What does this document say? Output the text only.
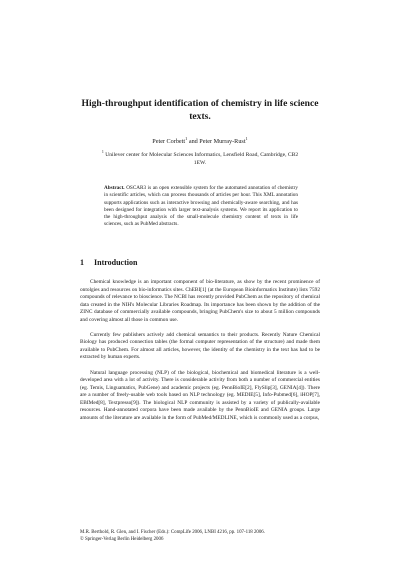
High-throughput identification of chemistry in life science texts.
Peter Corbett$^1$ and Peter Murray-Rust$^1$
$^1$ Unilever center for Molecular Sciences Informatics, Lensfield Road, Cambridge, CB2 1EW.
Abstract. OSCAR3 is an open extensible system for the automated annotation of chemistry in scientific articles, which can process thousands of articles per hour. This XML annotation supports applications such as interactive browsing and chemically-aware searching, and has been designed for integration with larger text-analysis systems. We report its application to the high-throughput analysis of the small-molecule chemistry content of texts in life sciences, such as PubMed abstracts.
1 Introduction

Chemical knowledge is an important component of bio-literature, as show by the recent prominence of ontolgies and resources on bio-informatics sites. ChEBI[1] (at the European Bioinformatics Institute) lists 7592 compounds of relevance to bioscience. The NCBI has recently provided PubChem as the repository of chemical data created in the NIH's Molecular Libraries Roadmap. Its importance has been shown by the addition of the ZINC database of commercially available compounds, bringing PubChem's size to about 5 million compounds and covering almost all those in common use.

Currently few publishers actively add chemical semantics to their products. Recently Nature Chemical Biology has produced connection tables (the formal computer representation of the structure) and made them available to PubChem. For almost all articles, however, the identity of the chemistry in the text has had to be extracted by human experts.

Natural language processing (NLP) of the biological, biochemical and biomedical literature is a well-developed area with a lot of activity. There is considerable activity from both a number of commercial entities (eg. Temis, Linguamatics, PubGene) and academic projects (eg. PennBioIE[2], FlySlip[3], GENIA[4]). There are a number of freely-usable web tools based on NLP technology (eg. MEDIE[5], Info-Pubmed[6], iHOP[7], EBIMed[8], Textpresso[9]). The biological NLP community is assisted by a variety of publically-available resources. Hand-annotated corpora have been made available by the PennBioIE and GENIA groups. Large amounts of the literature are available in the form of PubMed/MEDLINE, which is commonly used as a corpus,

M.R. Berthold, R. Glen, and I. Fischer (Eds.): CompLife 2006, LNBI 4216, pp. 107-118 2006.
© Springer-Verlag Berlin Heidelberg 2006
